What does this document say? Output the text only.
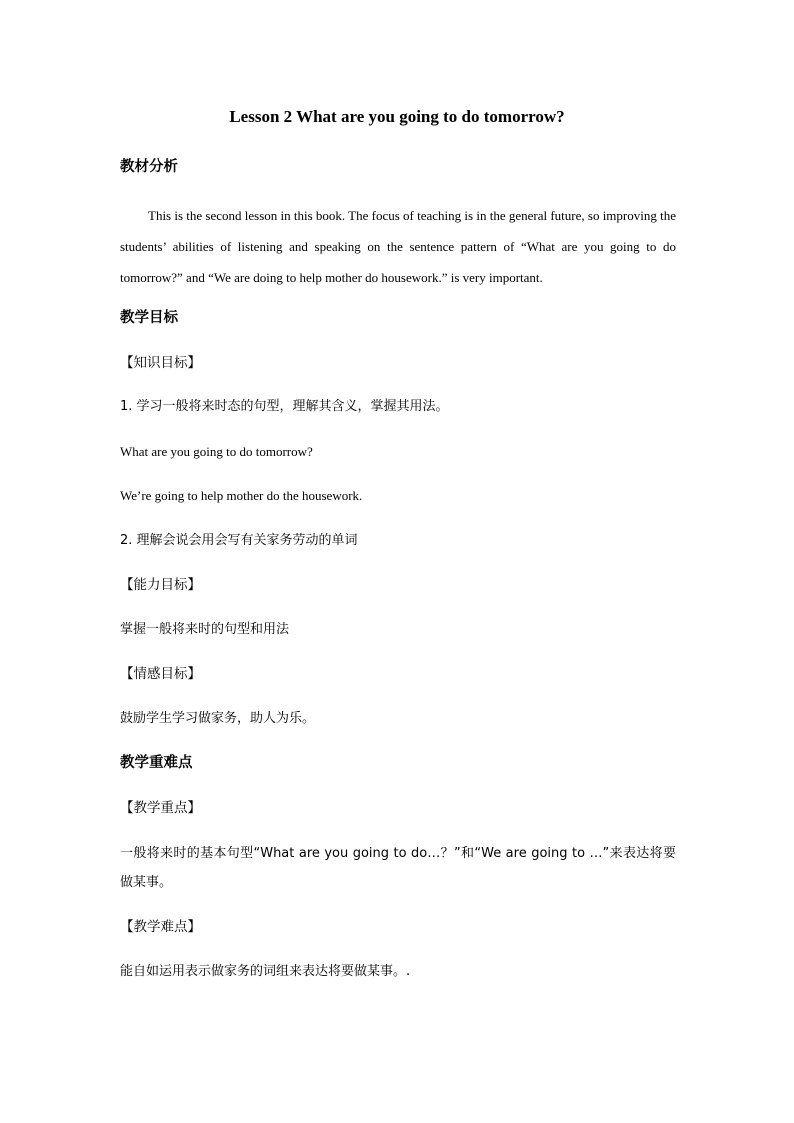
Lesson 2 What are you going to do tomorrow?
教材分析
This is the second lesson in this book. The focus of teaching is in the general future, so improving the students’ abilities of listening and speaking on the sentence pattern of “What are you going to do tomorrow?” and “We are doing to help mother do housework.” is very important.
教学目标
【知识目标】
1. 学习一般将来时态的句型，理解其含义，掌握其用法。
What are you going to do tomorrow?
We’re going to help mother do the housework.
2. 理解会说会用会写有关家务劳动的单词
【能力目标】
掌握一般将来时的句型和用法
【情感目标】
鼓励学生学习做家务，助人为乐。
教学重难点
【教学重点】
一般将来时的基本句型“What are you going to do…？”和“We are going to …”来表达将要做某事。
【教学难点】
能自如运用表示做家务的词组来表达将要做某事。.
